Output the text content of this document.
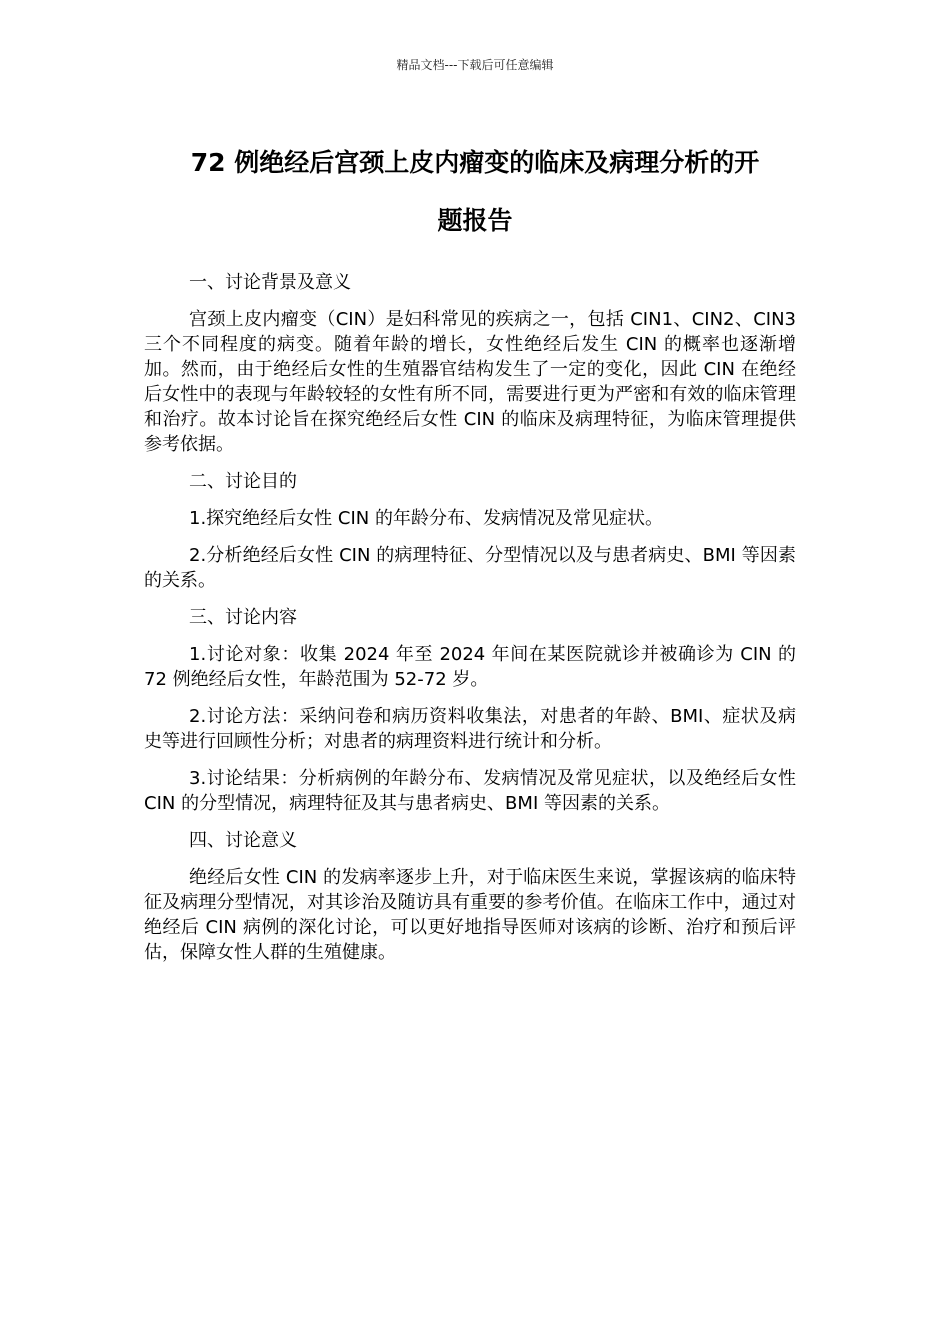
精品文档---下载后可任意编辑
72 例绝经后宫颈上皮内瘤变的临床及病理分析的开
题报告

一、讨论背景及意义

宫颈上皮内瘤变（CIN）是妇科常见的疾病之一，包括 CIN1、CIN2、CIN3 三个不同程度的病变。随着年龄的增长，女性绝经后发生 CIN 的概率也逐渐增加。然而，由于绝经后女性的生殖器官结构发生了一定的变化，因此 CIN 在绝经后女性中的表现与年龄较轻的女性有所不同，需要进行更为严密和有效的临床管理和治疗。故本讨论旨在探究绝经后女性 CIN 的临床及病理特征，为临床管理提供参考依据。

二、讨论目的

1.探究绝经后女性 CIN 的年龄分布、发病情况及常见症状。

2.分析绝经后女性 CIN 的病理特征、分型情况以及与患者病史、BMI 等因素的关系。

三、讨论内容

1.讨论对象：收集 2024 年至 2024 年间在某医院就诊并被确诊为 CIN 的 72 例绝经后女性，年龄范围为 52-72 岁。

2.讨论方法：采纳问卷和病历资料收集法，对患者的年龄、BMI、症状及病史等进行回顾性分析；对患者的病理资料进行统计和分析。

3.讨论结果：分析病例的年龄分布、发病情况及常见症状，以及绝经后女性 CIN 的分型情况，病理特征及其与患者病史、BMI 等因素的关系。

四、讨论意义

绝经后女性 CIN 的发病率逐步上升，对于临床医生来说，掌握该病的临床特征及病理分型情况，对其诊治及随访具有重要的参考价值。在临床工作中，通过对绝经后 CIN 病例的深化讨论，可以更好地指导医师对该病的诊断、治疗和预后评估，保障女性人群的生殖健康。
